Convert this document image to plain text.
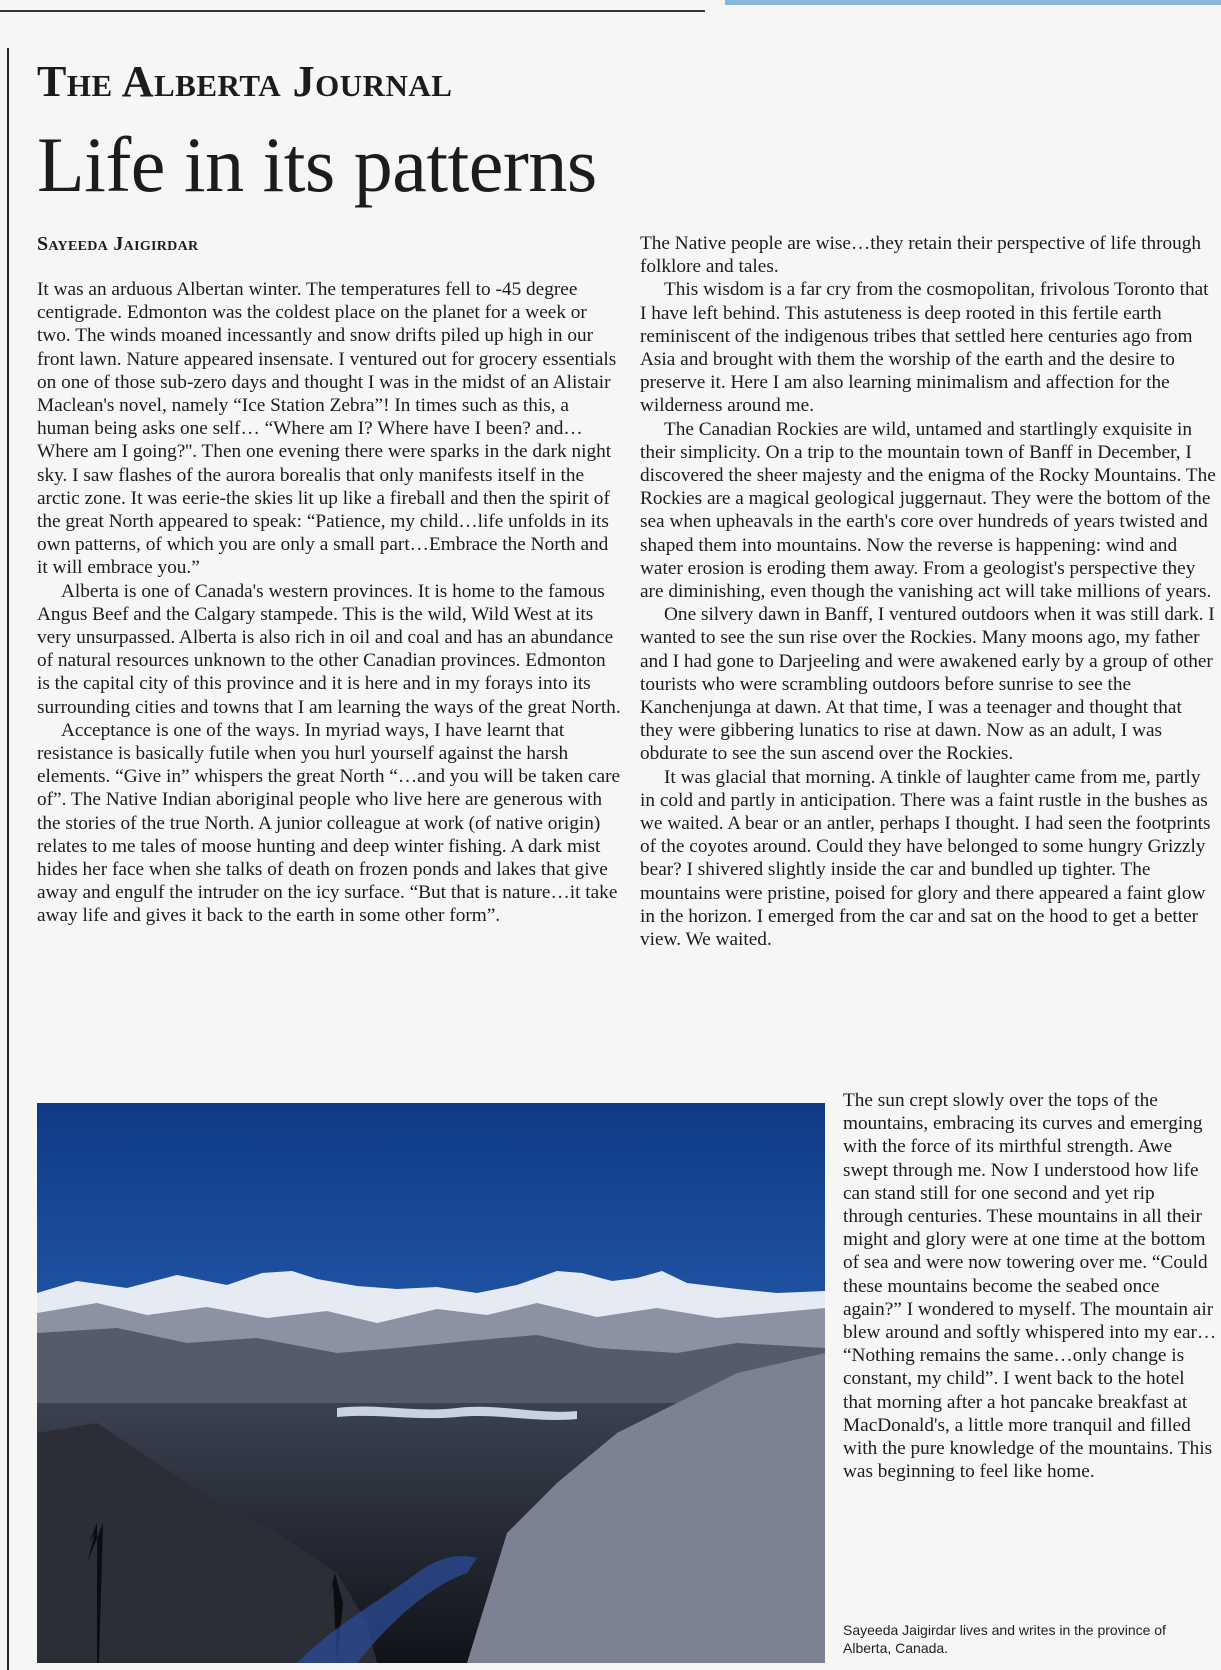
The Alberta Journal
Life in its patterns
Sayeeda Jaigirdar

It was an arduous Albertan winter. The temperatures fell to -45 degree centigrade. Edmonton was the coldest place on the planet for a week or two. The winds moaned incessantly and snow drifts piled up high in our front lawn. Nature appeared insensate. I ventured out for grocery essentials on one of those sub-zero days and thought I was in the midst of an Alistair Maclean's novel, namely “Ice Station Zebra”! In times such as this, a human being asks one self… “Where am I? Where have I been? and… Where am I going?''. Then one evening there were sparks in the dark night sky. I saw flashes of the aurora borealis that only manifests itself in the arctic zone. It was eerie-the skies lit up like a fireball and then the spirit of the great North appeared to speak: “Patience, my child…life unfolds in its own patterns, of which you are only a small part…Embrace the North and it will embrace you.”

Alberta is one of Canada's western provinces. It is home to the famous Angus Beef and the Calgary stampede. This is the wild, Wild West at its very unsurpassed. Alberta is also rich in oil and coal and has an abundance of natural resources unknown to the other Canadian provinces. Edmonton is the capital city of this province and it is here and in my forays into its surrounding cities and towns that I am learning the ways of the great North.

Acceptance is one of the ways. In myriad ways, I have learnt that resistance is basically futile when you hurl yourself against the harsh elements. “Give in” whispers the great North “…and you will be taken care of”. The Native Indian aboriginal people who live here are generous with the stories of the true North. A junior colleague at work (of native origin) relates to me tales of moose hunting and deep winter fishing. A dark mist hides her face when she talks of death on frozen ponds and lakes that give away and engulf the intruder on the icy surface. “But that is nature…it take away life and gives it back to the earth in some other form”.

The Native people are wise…they retain their perspective of life through folklore and tales.

This wisdom is a far cry from the cosmopolitan, frivolous Toronto that I have left behind. This astuteness is deep rooted in this fertile earth reminiscent of the indigenous tribes that settled here centuries ago from Asia and brought with them the worship of the earth and the desire to preserve it. Here I am also learning minimalism and affection for the wilderness around me.

The Canadian Rockies are wild, untamed and startlingly exquisite in their simplicity. On a trip to the mountain town of Banff in December, I discovered the sheer majesty and the enigma of the Rocky Mountains. The Rockies are a magical geological juggernaut. They were the bottom of the sea when upheavals in the earth's core over hundreds of years twisted and shaped them into mountains. Now the reverse is happening: wind and water erosion is eroding them away. From a geologist's perspective they are diminishing, even though the vanishing act will take millions of years.

One silvery dawn in Banff, I ventured outdoors when it was still dark. I wanted to see the sun rise over the Rockies. Many moons ago, my father and I had gone to Darjeeling and were awakened early by a group of other tourists who were scrambling outdoors before sunrise to see the Kanchenjunga at dawn. At that time, I was a teenager and thought that they were gibbering lunatics to rise at dawn. Now as an adult, I was obdurate to see the sun ascend over the Rockies.

It was glacial that morning. A tinkle of laughter came from me, partly in cold and partly in anticipation. There was a faint rustle in the bushes as we waited. A bear or an antler, perhaps I thought. I had seen the footprints of the coyotes around. Could they have belonged to some hungry Grizzly bear? I shivered slightly inside the car and bundled up tighter. The mountains were pristine, poised for glory and there appeared a faint glow in the horizon. I emerged from the car and sat on the hood to get a better view. We waited.

The sun crept slowly over the tops of the mountains, embracing its curves and emerging with the force of its mirthful strength. Awe swept through me. Now I understood how life can stand still for one second and yet rip through centuries. These mountains in all their might and glory were at one time at the bottom of sea and were now towering over me. “Could these mountains become the seabed once again?” I wondered to myself. The mountain air blew around and softly whispered into my ear… “Nothing remains the same…only change is constant, my child”. I went back to the hotel that morning after a hot pancake breakfast at MacDonald's, a little more tranquil and filled with the pure knowledge of the mountains. This was beginning to feel like home.

Sayeeda Jaigirdar lives and writes in the province of Alberta, Canada.
